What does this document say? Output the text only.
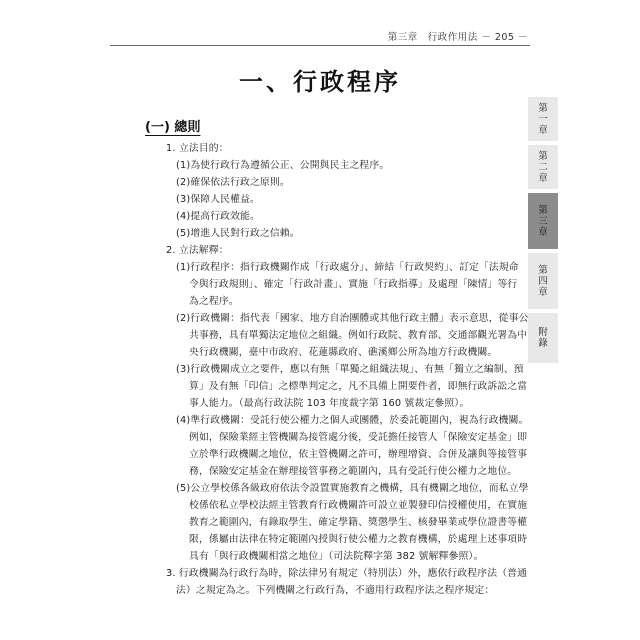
第三章　行政作用法 － 205 －
一、行政程序
第一章
第二章
第三章
第四章
附錄
(一) 總則
1. 立法目的：
(1)為使行政行為遵循公正、公開與民主之程序。
(2)確保依法行政之原則。
(3)保障人民權益。
(4)提高行政效能。
(5)增進人民對行政之信賴。
2. 立法解釋：
(1)行政程序：指行政機關作成「行政處分」、締結「行政契約」、訂定「法規命
令與行政規則」、確定「行政計畫」、實施「行政指導」及處理「陳情」等行
為之程序。
(2)行政機關：指代表「國家、地方自治團體或其他行政主體」表示意思，從事公
共事務，具有單獨法定地位之組織。例如行政院、教育部、交通部觀光署為中
央行政機關，臺中市政府、花蓮縣政府、礁溪鄉公所為地方行政機關。
(3)行政機關成立之要件，應以有無「單獨之組織法規」、有無「獨立之編制、預
算」及有無「印信」之標準判定之，凡不具備上開要件者，即無行政訴訟之當
事人能力。（最高行政法院 103 年度裁字第 160 號裁定參照）。
(4)準行政機關：受託行使公權力之個人或團體，於委託範圍內，視為行政機關。
例如，保險業經主管機關為接管處分後，受託擔任接管人「保險安定基金」即
立於準行政機關之地位，依主管機關之許可，辦理增資、合併及讓與等接管事
務，保險安定基金在辦理接管事務之範圍內，具有受託行使公權力之地位。
(5)公立學校係各級政府依法令設置實施教育之機構，具有機關之地位，而私立學
校係依私立學校法經主管教育行政機關許可設立並製發印信授權使用，在實施
教育之範圍內，有錄取學生、確定學籍、獎懲學生、核發畢業或學位證書等權
限，係屬由法律在特定範圍內授與行使公權力之教育機構，於處理上述事項時
具有「與行政機關相當之地位」（司法院釋字第 382 號解釋參照）。
3. 行政機關為行政行為時，除法律另有規定（特別法）外，應依行政程序法（普通
法）之規定為之。下列機關之行政行為，不適用行政程序法之程序規定：
